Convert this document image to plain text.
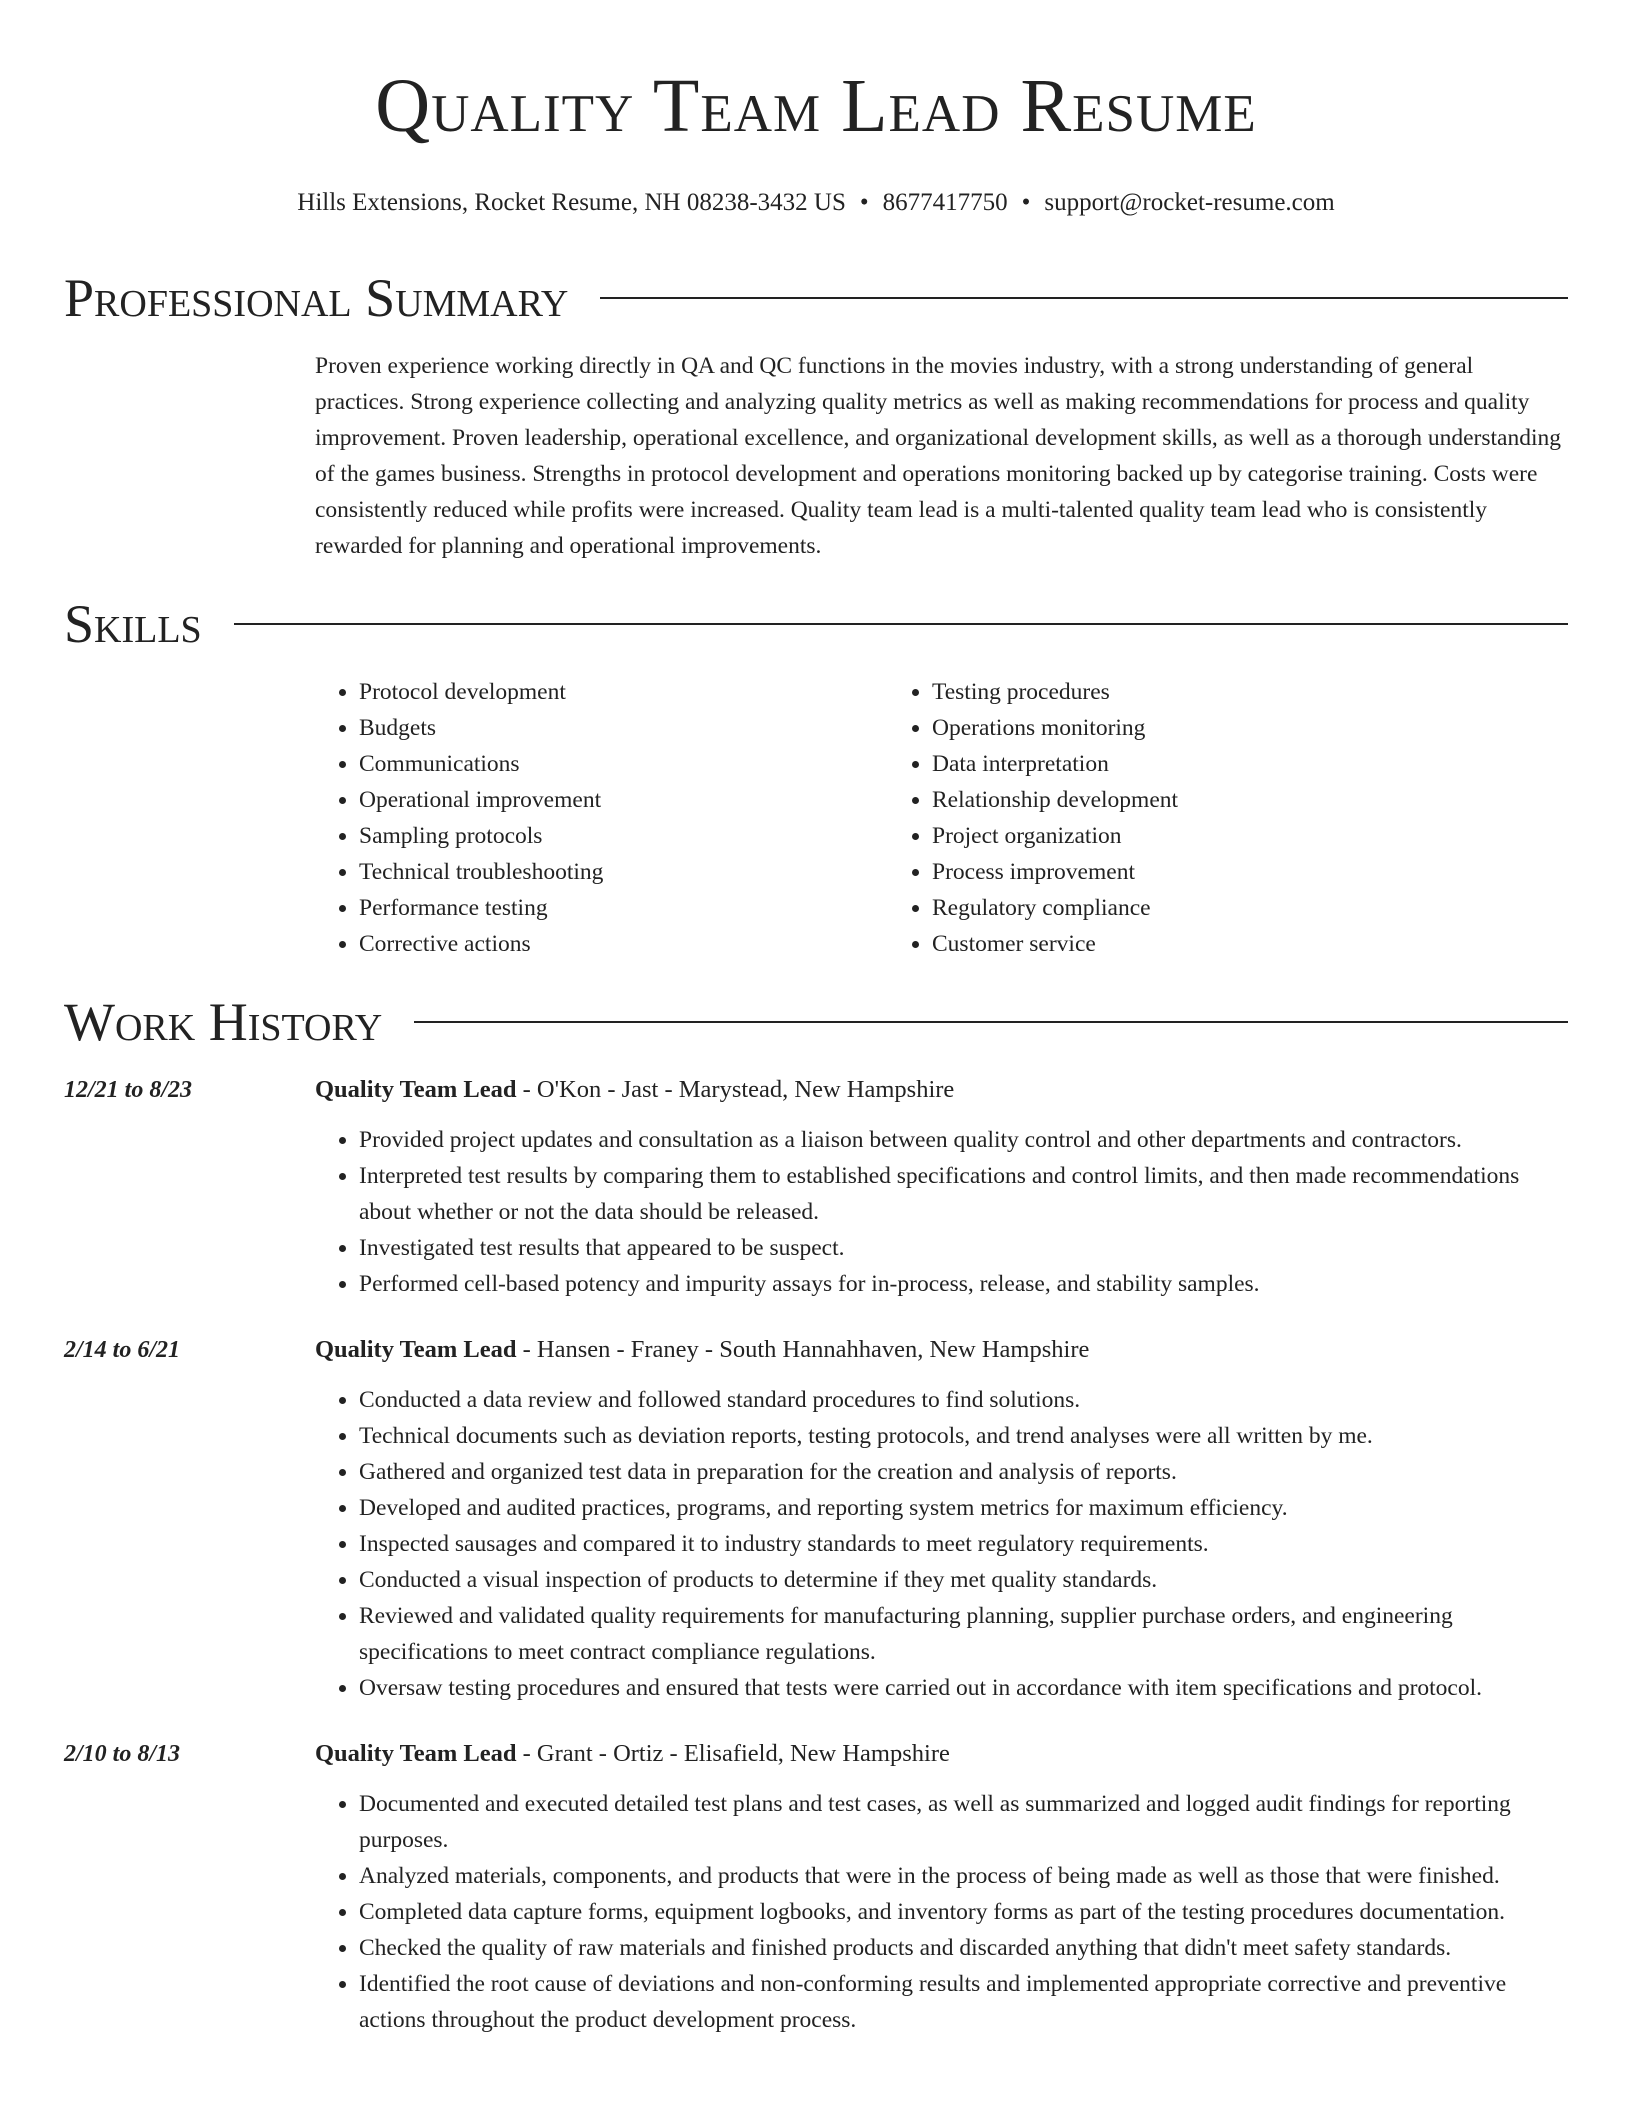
Quality Team Lead Resume
Hills Extensions, Rocket Resume, NH 08238-3432 US • 8677417750 • support@rocket-resume.com
Professional Summary

Proven experience working directly in QA and QC functions in the movies industry, with a strong understanding of general practices. Strong experience collecting and analyzing quality metrics as well as making recommendations for process and quality improvement. Proven leadership, operational excellence, and organizational development skills, as well as a thorough understanding of the games business. Strengths in protocol development and operations monitoring backed up by categorise training. Costs were consistently reduced while profits were increased. Quality team lead is a multi-talented quality team lead who is consistently rewarded for planning and operational improvements.

Skills
• Protocol development
• Budgets
• Communications
• Operational improvement
• Sampling protocols
• Technical troubleshooting
• Performance testing
• Corrective actions
• Testing procedures
• Operations monitoring
• Data interpretation
• Relationship development
• Project organization
• Process improvement
• Regulatory compliance
• Customer service
Work History
12/21 to 8/23	Quality Team Lead - O'Kon - Jast - Marystead, New Hampshire
• Provided project updates and consultation as a liaison between quality control and other departments and contractors.
• Interpreted test results by comparing them to established specifications and control limits, and then made recommendations about whether or not the data should be released.
• Investigated test results that appeared to be suspect.
• Performed cell-based potency and impurity assays for in-process, release, and stability samples.
2/14 to 6/21	Quality Team Lead - Hansen - Franey - South Hannahhaven, New Hampshire
• Conducted a data review and followed standard procedures to find solutions.
• Technical documents such as deviation reports, testing protocols, and trend analyses were all written by me.
• Gathered and organized test data in preparation for the creation and analysis of reports.
• Developed and audited practices, programs, and reporting system metrics for maximum efficiency.
• Inspected sausages and compared it to industry standards to meet regulatory requirements.
• Conducted a visual inspection of products to determine if they met quality standards.
• Reviewed and validated quality requirements for manufacturing planning, supplier purchase orders, and engineering specifications to meet contract compliance regulations.
• Oversaw testing procedures and ensured that tests were carried out in accordance with item specifications and protocol.
2/10 to 8/13	Quality Team Lead - Grant - Ortiz - Elisafield, New Hampshire
• Documented and executed detailed test plans and test cases, as well as summarized and logged audit findings for reporting purposes.
• Analyzed materials, components, and products that were in the process of being made as well as those that were finished.
• Completed data capture forms, equipment logbooks, and inventory forms as part of the testing procedures documentation.
• Checked the quality of raw materials and finished products and discarded anything that didn't meet safety standards.
• Identified the root cause of deviations and non-conforming results and implemented appropriate corrective and preventive actions throughout the product development process.
